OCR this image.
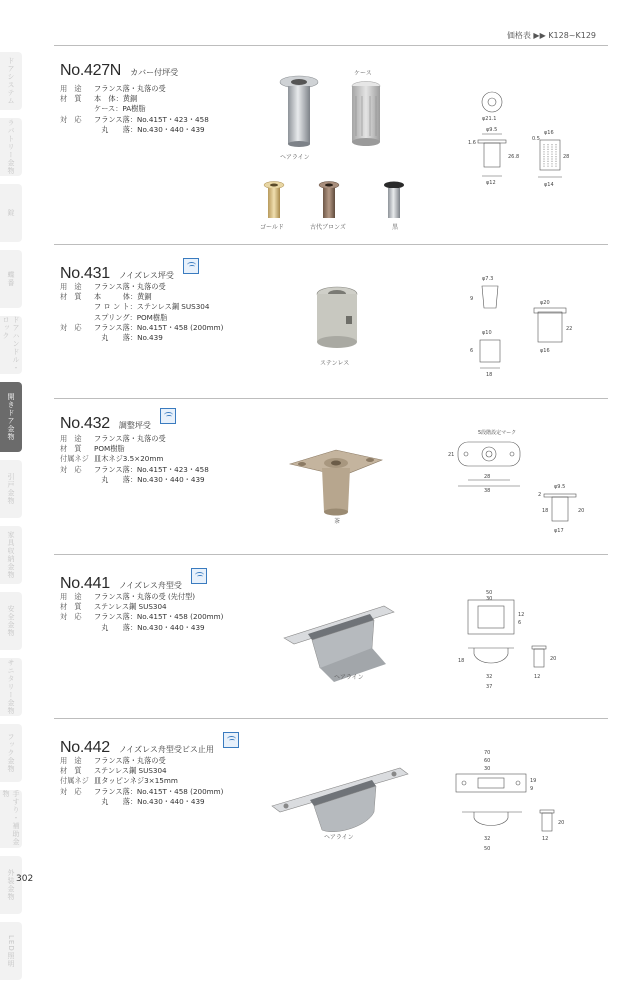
ドアシステム
ラバトリー金物
錠
蝶番
ドアハンドル・ロック
開きドア金物
引戸金物
家具収納金物
安全金物
サニタリー金物
フック金物
手すり・補助金物
外装金物
LED照明
価格表 ▶▶ K128~K129
No.427N カバー付坪受
用　途	フランス落・丸落の受
材　質	本　体：黄銅
ケース：PA樹脂
対　応	フランス落：No.415T・423・458
　丸　　落：No.430・440・439
ヘアライン
ケース
ゴールド	古代ブロンズ	黒
φ21.1
φ9.5
1.6
26.8
φ12
φ16
0.5
28
φ14
No.431 ノイズレス坪受
用　途	フランス落・丸落の受
材　質	本　　　体：黄銅
フ ロ ン ト：ステンレス鋼 SUS304
スプリング：POM樹脂
対　応	フランス落：No.415T・458 (200mm)
　丸　　落：No.439
ステンレス
φ7.3
9
φ10
6
18
φ20
22
φ16
No.432 調整坪受
用　途	フランス落・丸落の受
材　質	POM樹脂
付属ネジ 皿木ネジ3.5×20mm
対　応	フランス落：No.415T・423・458
　丸　　落：No.430・440・439
茶
5段階設定マーク
21
28
38
φ9.5
2
18	20
φ17
No.441 ノイズレス舟型受
用　途	フランス落・丸落の受 (先付型)
材　質	ステンレス鋼 SUS304
対　応	フランス落：No.415T・458 (200mm)
　丸　　落：No.430・440・439
ヘアライン
50
30
12
6
18	20
32
37
12
No.442 ノイズレス舟型受ビス止用
用　途	フランス落・丸落の受
材　質	ステンレス鋼 SUS304
付属ネジ 皿タッピンネジ3×15mm
対　応	フランス落：No.415T・458 (200mm)
　丸　　落：No.430・440・439
ヘアライン
70
60
30
19
9
20
32
50
12
302
